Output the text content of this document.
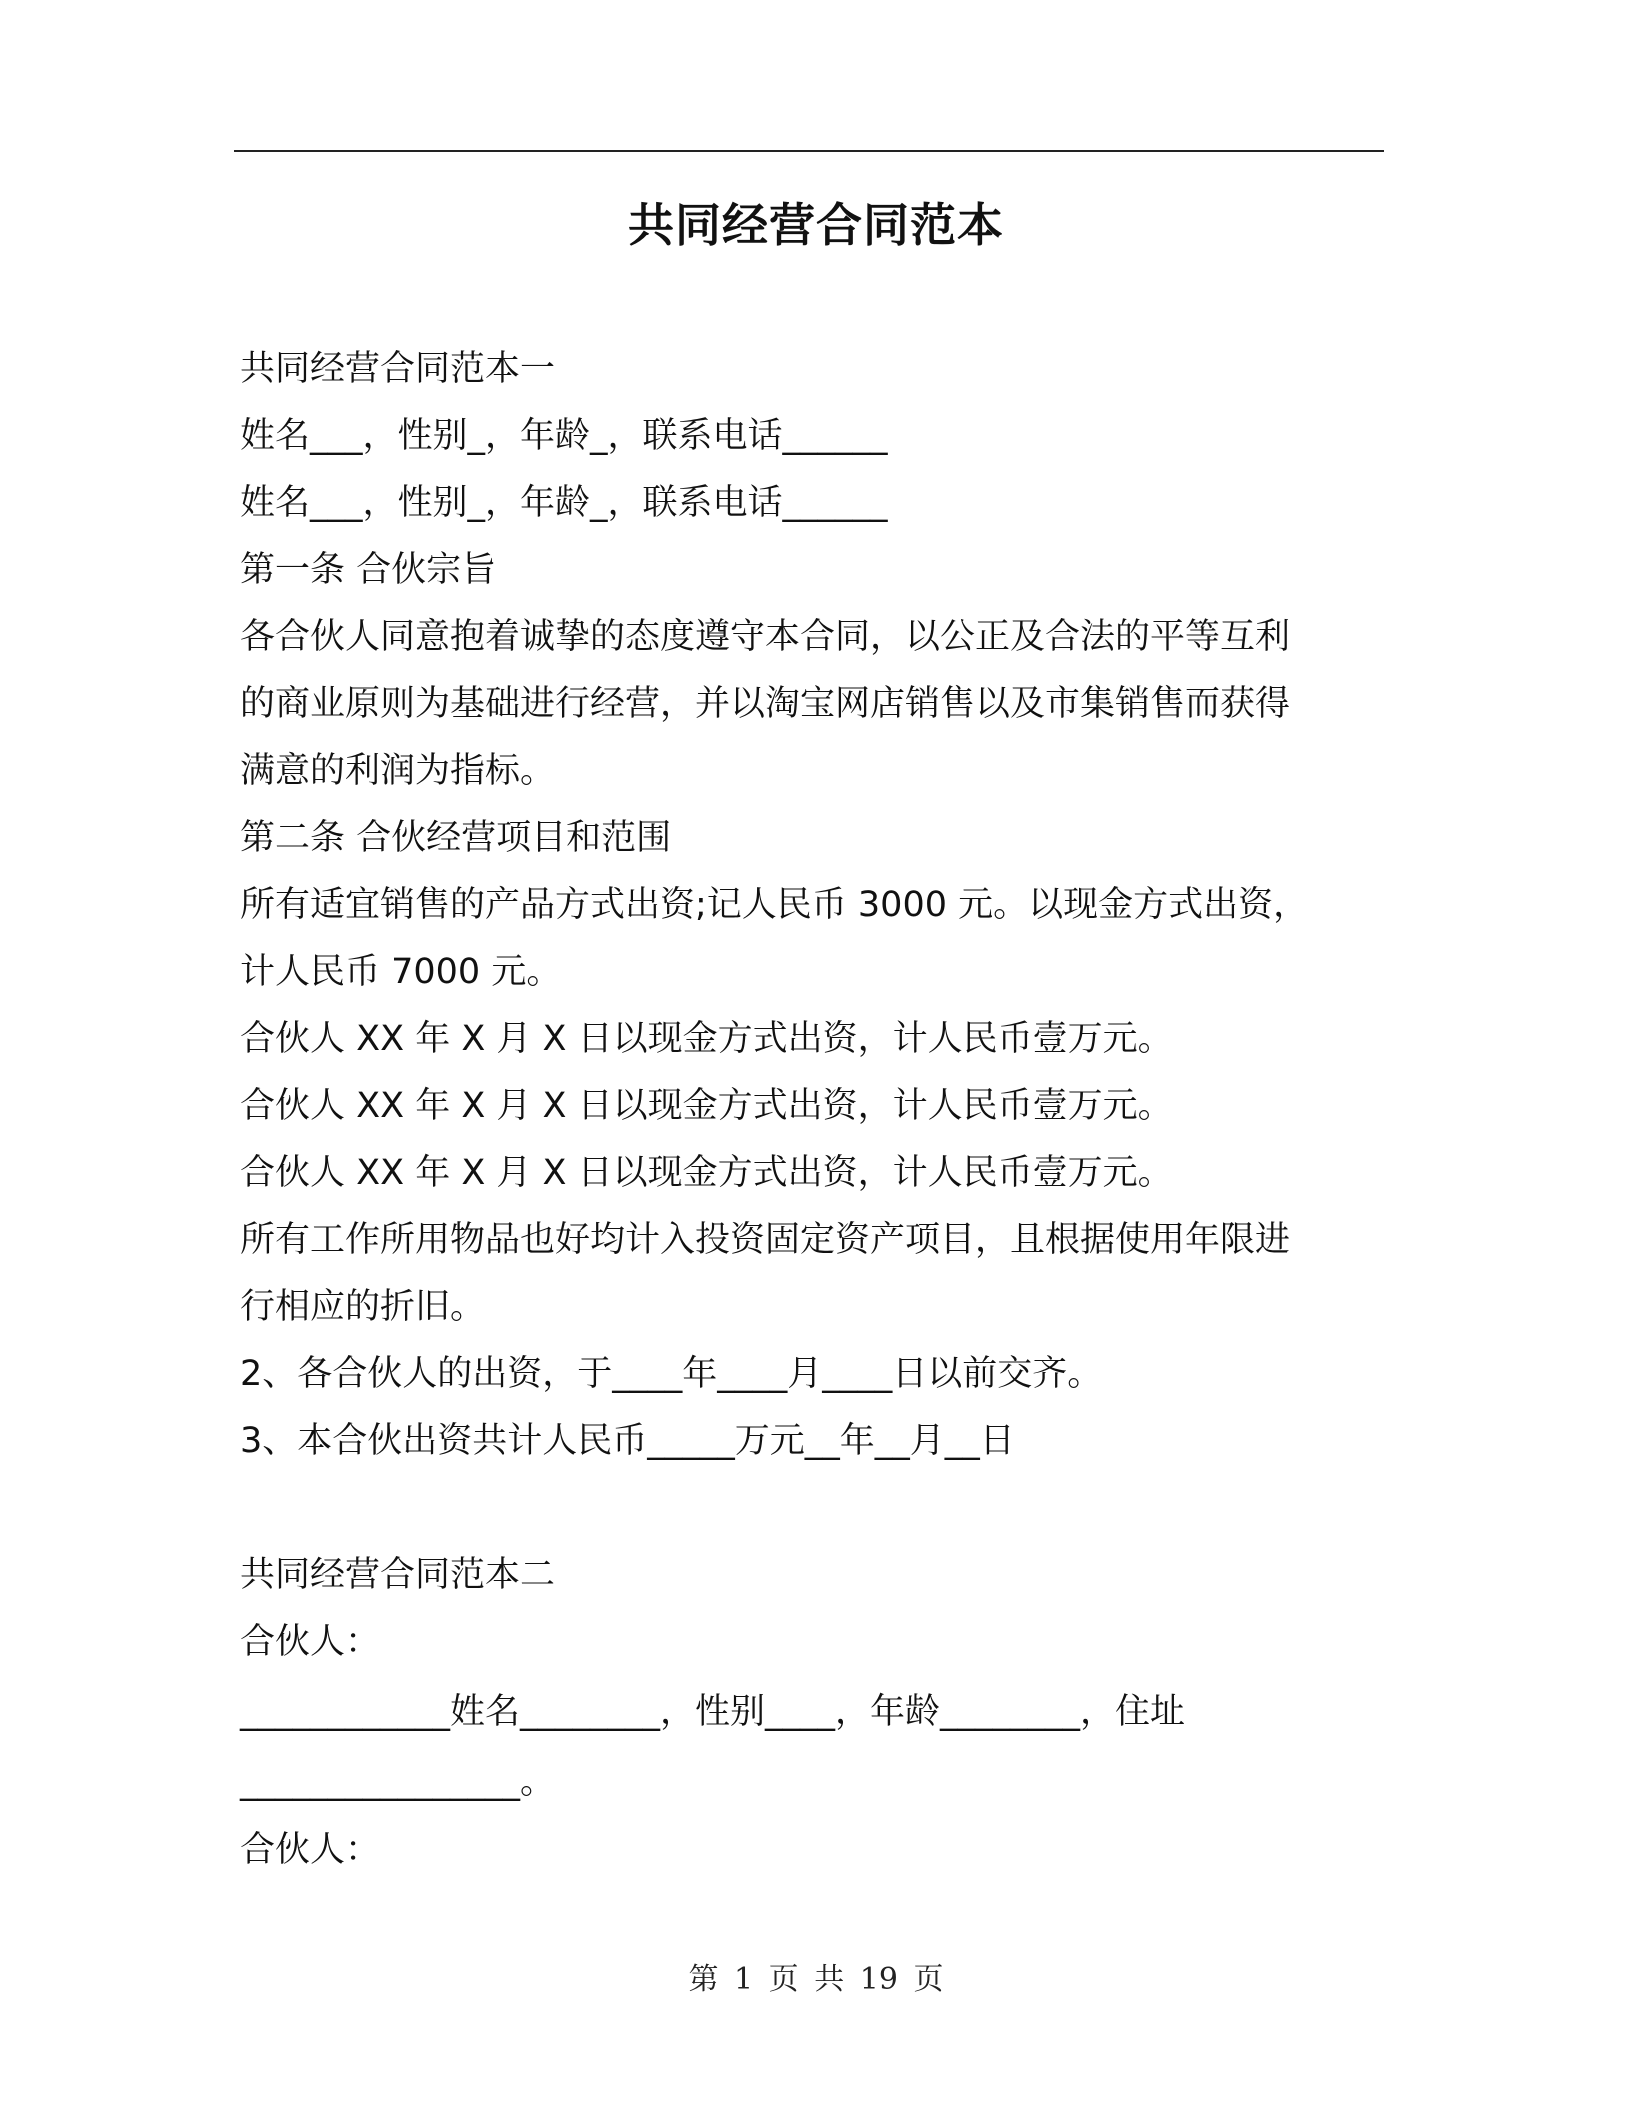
共同经营合同范本
共同经营合同范本一
姓名___，性别_，年龄_，联系电话______
姓名___，性别_，年龄_，联系电话______
第一条 合伙宗旨
各合伙人同意抱着诚挚的态度遵守本合同，以公正及合法的平等互利
的商业原则为基础进行经营，并以淘宝网店销售以及市集销售而获得
满意的利润为指标。
第二条 合伙经营项目和范围
所有适宜销售的产品方式出资;记人民币 3000 元。以现金方式出资，
计人民币 7000 元。
合伙人 XX 年 X 月 X 日以现金方式出资，计人民币壹万元。
合伙人 XX 年 X 月 X 日以现金方式出资，计人民币壹万元。
合伙人 XX 年 X 月 X 日以现金方式出资，计人民币壹万元。
所有工作所用物品也好均计入投资固定资产项目，且根据使用年限进
行相应的折旧。
2、各合伙人的出资，于____年____月____日以前交齐。
3、本合伙出资共计人民币_____万元__年__月__日
共同经营合同范本二
合伙人：
____________姓名________，性别____，年龄________，住址
________________。
合伙人：
第 1 页 共 19 页
